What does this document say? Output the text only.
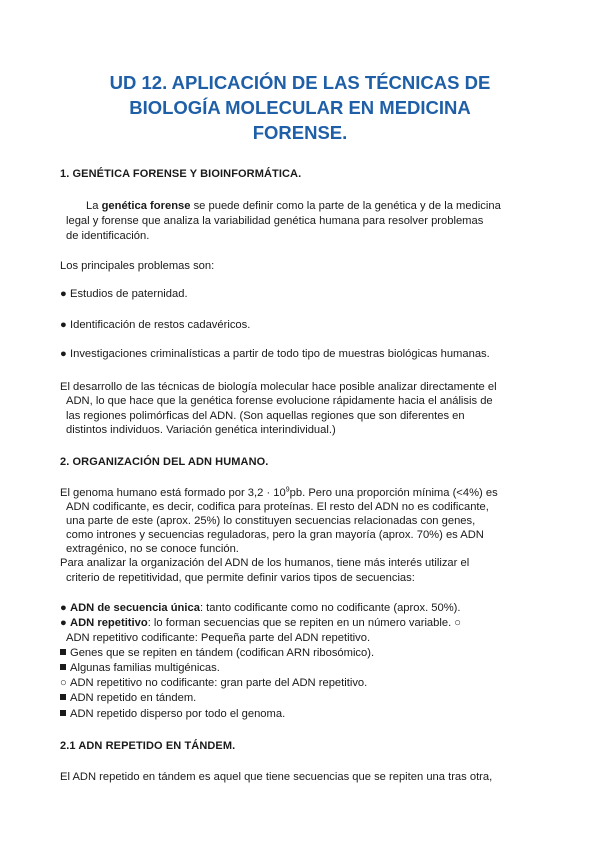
UD 12. APLICACIÓN DE LAS TÉCNICAS DE
BIOLOGÍA MOLECULAR EN MEDICINA
FORENSE.

1. GENÉTICA FORENSE Y BIOINFORMÁTICA.

La genética forense se puede definir como la parte de la genética y de la medicina

legal y forense que analiza la variabilidad genética humana para resolver problemas

de identificación.

Los principales problemas son:

● Estudios de paternidad.

● Identificación de restos cadavéricos.

● Investigaciones criminalísticas a partir de todo tipo de muestras biológicas humanas.

El desarrollo de las técnicas de biología molecular hace posible analizar directamente el

ADN, lo que hace que la genética forense evolucione rápidamente hacia el análisis de

las regiones polimórficas del ADN. (Son aquellas regiones que son diferentes en

distintos individuos. Variación genética interindividual.)

2. ORGANIZACIÓN DEL ADN HUMANO.

El genoma humano está formado por $3,2 \cdot 10^9pb$. Pero una proporción mínima (<4%) es

ADN codificante, es decir, codifica para proteínas. El resto del ADN no es codificante,

una parte de este (aprox. 25%) lo constituyen secuencias relacionadas con genes,

como intrones y secuencias reguladoras, pero la gran mayoría (aprox. 70%) es ADN

extragénico, no se conoce función.

Para analizar la organización del ADN de los humanos, tiene más interés utilizar el

criterio de repetitividad, que permite definir varios tipos de secuencias:

● ADN de secuencia única: tanto codificante como no codificante (aprox. 50%).

● ADN repetitivo: lo forman secuencias que se repiten en un número variable. ○

ADN repetitivo codificante: Pequeña parte del ADN repetitivo.

Genes que se repiten en tándem (codifican ARN ribosómico).

Algunas familias multigénicas.

○ ADN repetitivo no codificante: gran parte del ADN repetitivo.

ADN repetido en tándem.

ADN repetido disperso por todo el genoma.

2.1 ADN REPETIDO EN TÁNDEM.

El ADN repetido en tándem es aquel que tiene secuencias que se repiten una tras otra,
